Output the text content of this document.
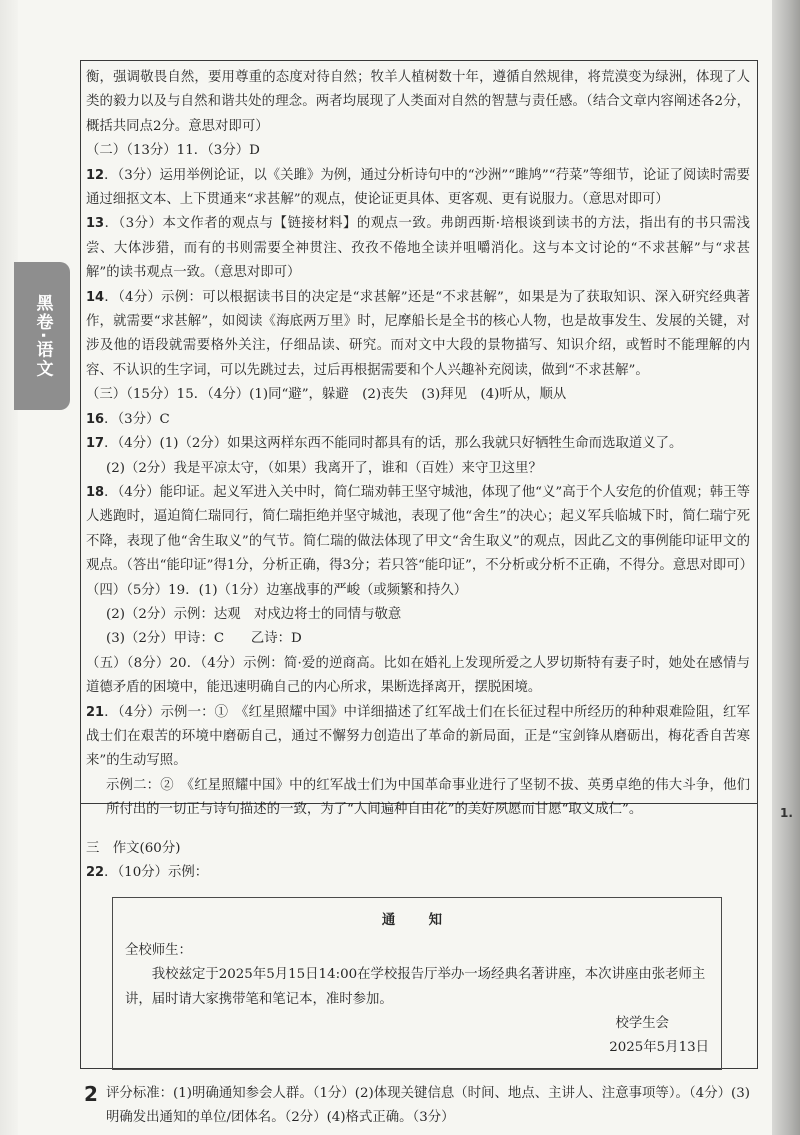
黑卷·语文

衡，强调敬畏自然，要用尊重的态度对待自然；牧羊人植树数十年，遵循自然规律，将荒漠变为绿洲，体现了人类的毅力以及与自然和谐共处的理念。两者均展现了人类面对自然的智慧与责任感。（结合文章内容阐述各2分，概括共同点2分。意思对即可）

（二）（13分）11．（3分）D

12．（3分）运用举例论证，以《关雎》为例，通过分析诗句中的“沙洲”“雎鸠”“荇菜”等细节，论证了阅读时需要通过细抠文本、上下贯通来“求甚解”的观点，使论证更具体、更客观、更有说服力。（意思对即可）

13．（3分）本文作者的观点与【链接材料】的观点一致。弗朗西斯·培根谈到读书的方法，指出有的书只需浅尝、大体涉猎，而有的书则需要全神贯注、孜孜不倦地全读并咀嚼消化。这与本文讨论的“不求甚解”与“求甚解”的读书观点一致。（意思对即可）

14．（4分）示例：可以根据读书目的决定是“求甚解”还是“不求甚解”，如果是为了获取知识、深入研究经典著作，就需要“求甚解”，如阅读《海底两万里》时，尼摩船长是全书的核心人物，也是故事发生、发展的关键，对涉及他的语段就需要格外关注，仔细品读、研究。而对文中大段的景物描写、知识介绍，或暂时不能理解的内容、不认识的生字词，可以先跳过去，过后再根据需要和个人兴趣补充阅读，做到“不求甚解”。

（三）（15分）15．（4分）(1)同“避”，躲避　(2)丧失　(3)拜见　(4)听从，顺从

16．（3分）C

17．（4分）(1)（2分）如果这两样东西不能同时都具有的话，那么我就只好牺牲生命而选取道义了。

(2)（2分）我是平凉太守，（如果）我离开了，谁和（百姓）来守卫这里？

18．（4分）能印证。起义军进入关中时，简仁瑞劝韩王坚守城池，体现了他“义”高于个人安危的价值观；韩王等人逃跑时，逼迫简仁瑞同行，简仁瑞拒绝并坚守城池，表现了他“舍生”的决心；起义军兵临城下时，简仁瑞宁死不降，表现了他“舍生取义”的气节。简仁瑞的做法体现了甲文“舍生取义”的观点，因此乙文的事例能印证甲文的观点。（答出“能印证”得1分，分析正确，得3分；若只答“能印证”，不分析或分析不正确，不得分。意思对即可）

（四）（5分）19．(1)（1分）边塞战事的严峻（或频繁和持久）

(2)（2分）示例：达观　对戍边将士的同情与敬意

(3)（2分）甲诗：C　　乙诗：D

（五）（8分）20．（4分）示例：简·爱的逆商高。比如在婚礼上发现所爱之人罗切斯特有妻子时，她处在感情与道德矛盾的困境中，能迅速明确自己的内心所求，果断选择离开，摆脱困境。

21．（4分）示例一：①　《红星照耀中国》中详细描述了红军战士们在长征过程中所经历的种种艰难险阻，红军战士们在艰苦的环境中磨砺自己，通过不懈努力创造出了革命的新局面，正是“宝剑锋从磨砺出，梅花香自苦寒来”的生动写照。

示例二：②　《红星照耀中国》中的红军战士们为中国革命事业进行了坚韧不拔、英勇卓绝的伟大斗争，他们所付出的一切正与诗句描述的一致，为了“人间遍种自由花”的美好夙愿而甘愿“取义成仁”。

三　作文(60分)

22．（10分）示例：

通　知
全校师生：
我校兹定于2025年5月15日14:00在学校报告厅举办一场经典名著讲座，本次讲座由张老师主讲，届时请大家携带笔和笔记本，准时参加。
校学生会
2025年5月13日

评分标准：(1)明确通知参会人群。（1分）(2)体现关键信息（时间、地点、主讲人、注意事项等）。（4分）(3)明确发出通知的单位/团体名。（2分）(4)格式正确。（3分）

1.
2
